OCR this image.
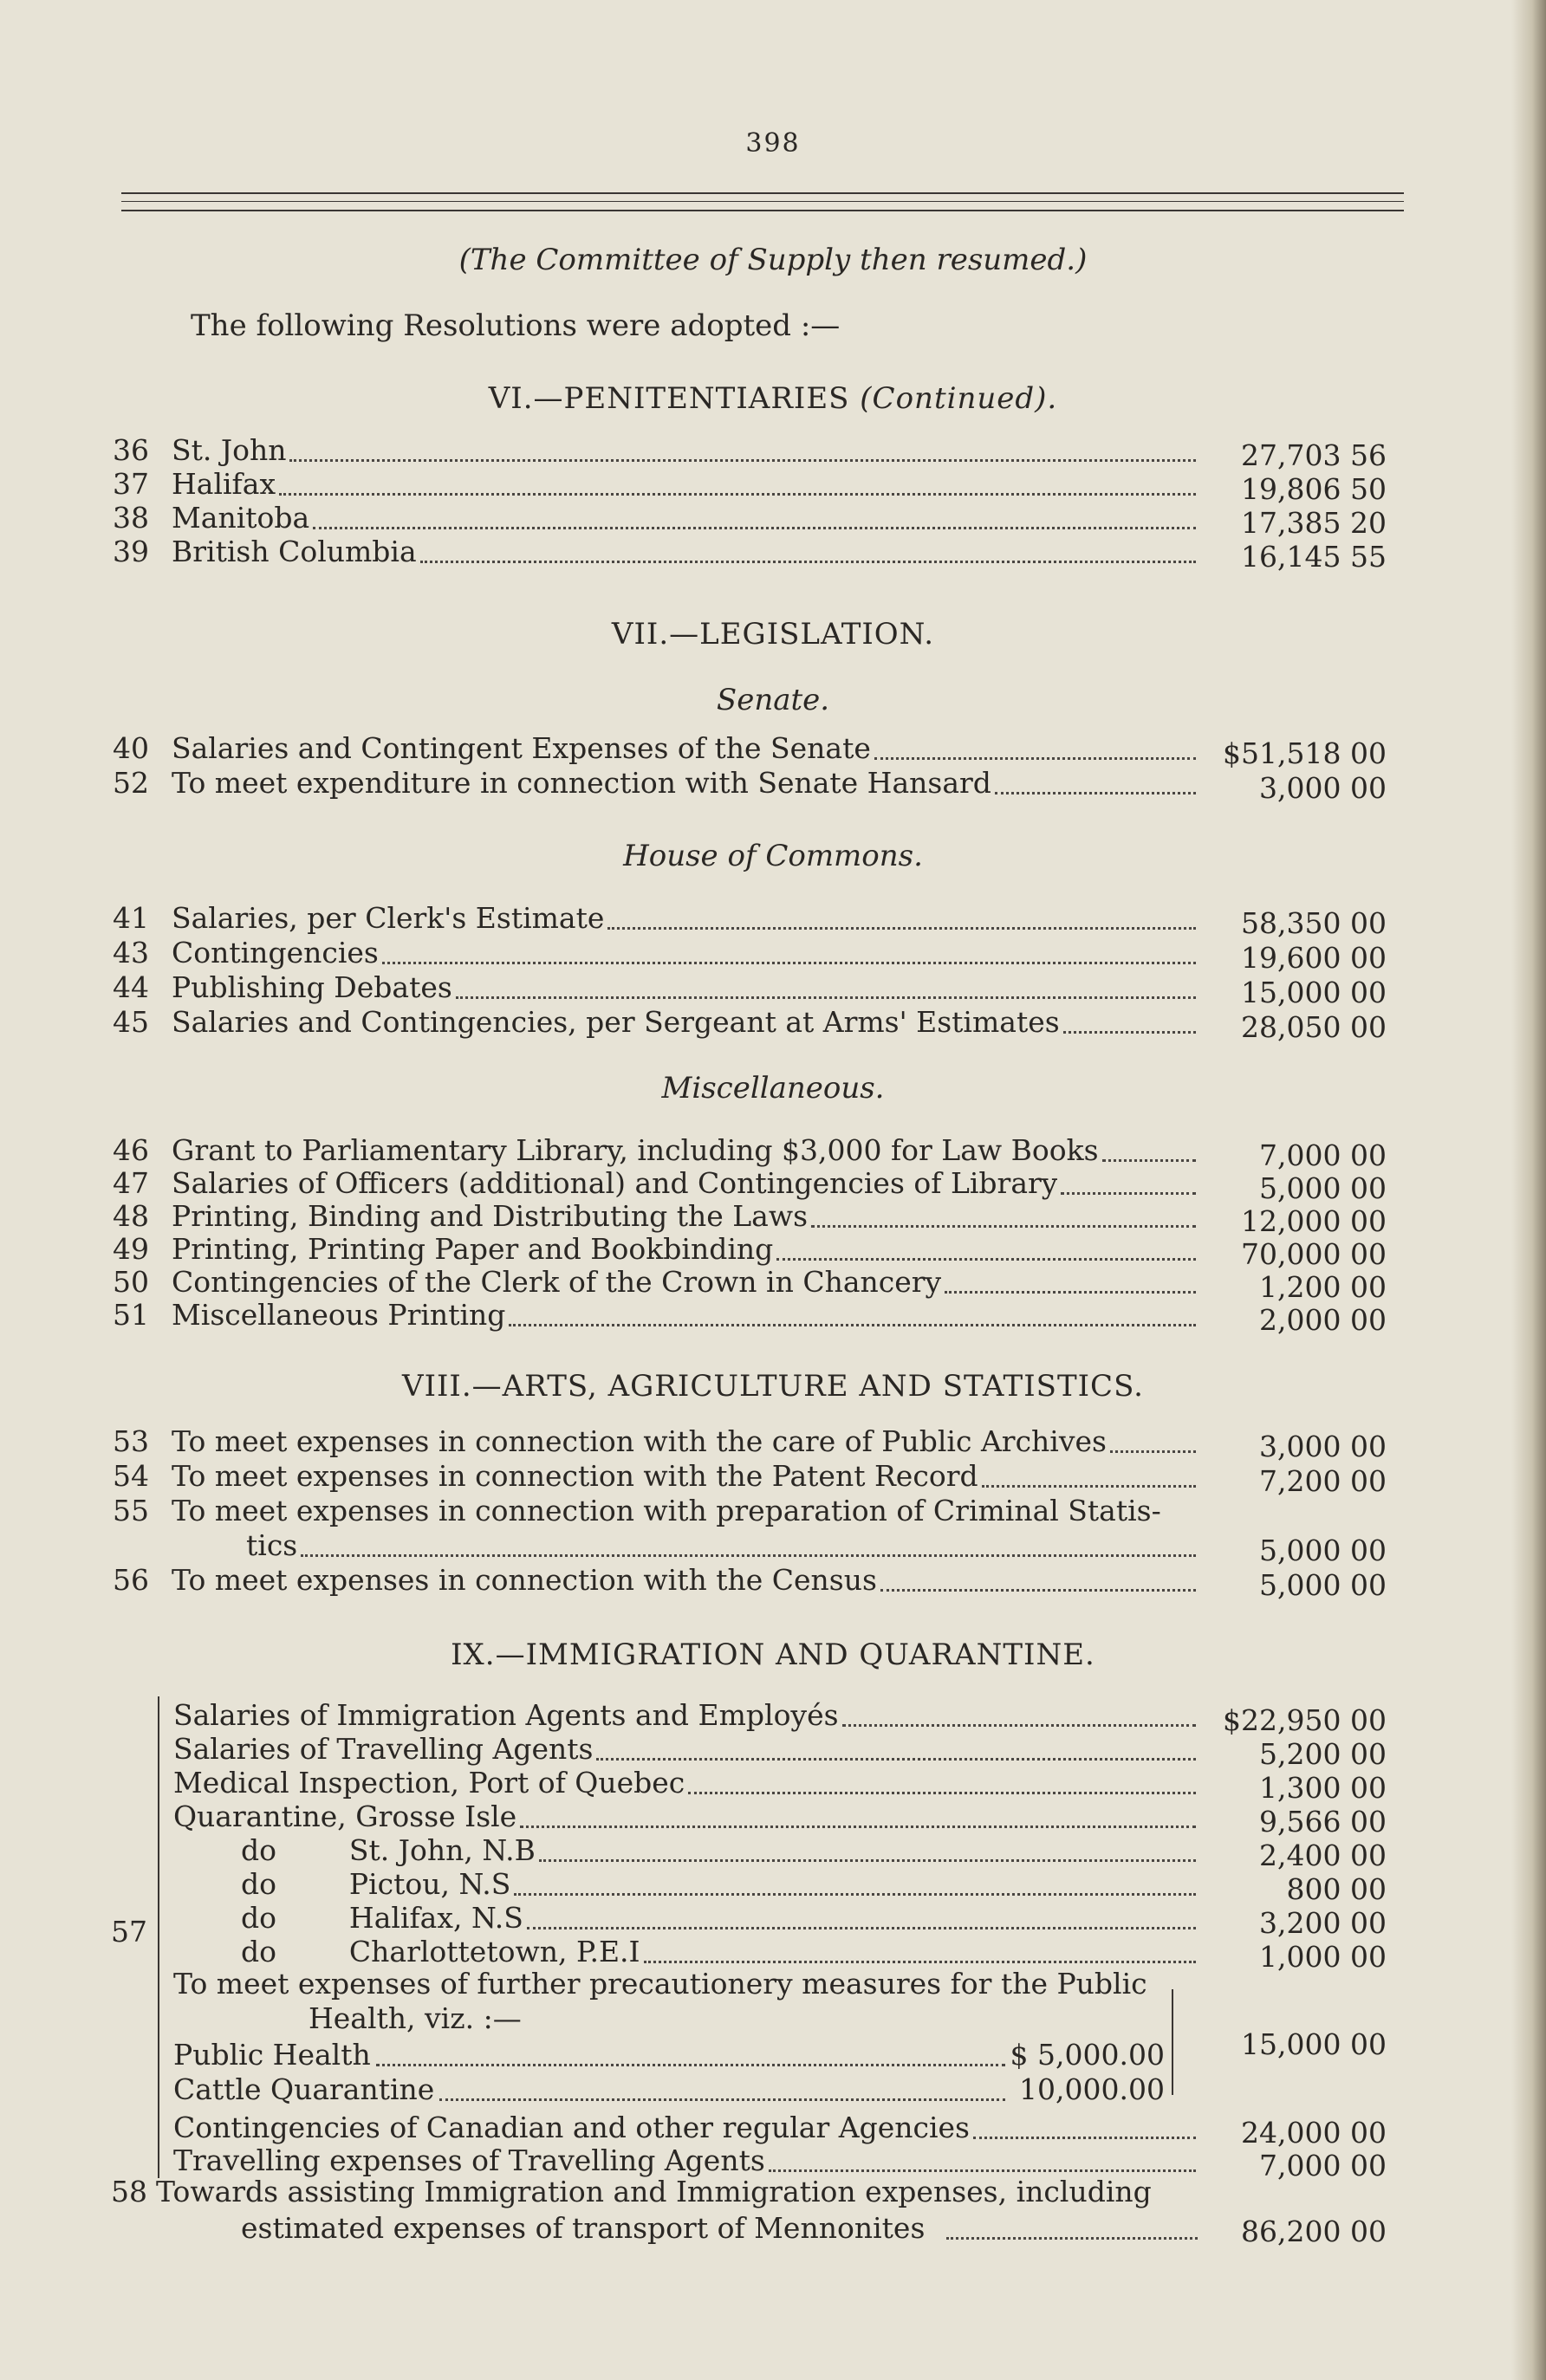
398
(The Committee of Supply then resumed.)
The following Resolutions were adopted :—
VI.—PENITENTIARIES (Continued).
36 St. John	27,703 56
37 Halifax	19,806 50
38 Manitoba	17,385 20
39 British Columbia	16,145 55
VII.—LEGISLATION.
Senate.
40 Salaries and Contingent Expenses of the Senate	$51,518 00
52 To meet expenditure in connection with Senate Hansard	3,000 00
House of Commons.
41 Salaries, per Clerk's Estimate	58,350 00
43 Contingencies	19,600 00
44 Publishing Debates	15,000 00
45 Salaries and Contingencies, per Sergeant at Arms' Estimates	28,050 00
Miscellaneous.
46 Grant to Parliamentary Library, including $3,000 for Law Books	7,000 00
47 Salaries of Officers (additional) and Contingencies of Library	5,000 00
48 Printing, Binding and Distributing the Laws	12,000 00
49 Printing, Printing Paper and Bookbinding	70,000 00
50 Contingencies of the Clerk of the Crown in Chancery	1,200 00
51 Miscellaneous Printing	2,000 00
VIII.—ARTS, AGRICULTURE AND STATISTICS.
53 To meet expenses in connection with the care of Public Archives	3,000 00
54 To meet expenses in connection with the Patent Record	7,200 00
55 To meet expenses in connection with preparation of Criminal Statis-
tics	5,000 00
56 To meet expenses in connection with the Census	5,000 00
IX.—IMMIGRATION AND QUARANTINE.
57
Salaries of Immigration Agents and Employés	$22,950 00
Salaries of Travelling Agents	5,200 00
Medical Inspection, Port of Quebec	1,300 00
Quarantine, Grosse Isle	9,566 00
do        St. John, N.B	2,400 00
do        Pictou, N.S	800 00
do        Halifax, N.S	3,200 00
do        Charlottetown, P.E.I	1,000 00
To meet expenses of further precautionery measures for the Public
Health, viz. :—
Public Health	$ 5,000.00
Cattle Quarantine	10,000.00
15,000 00
Contingencies of Canadian and other regular Agencies	24,000 00
Travelling expenses of Travelling Agents	7,000 00
58 Towards assisting Immigration and Immigration expenses, including
estimated expenses of transport of Mennonites	86,200 00
